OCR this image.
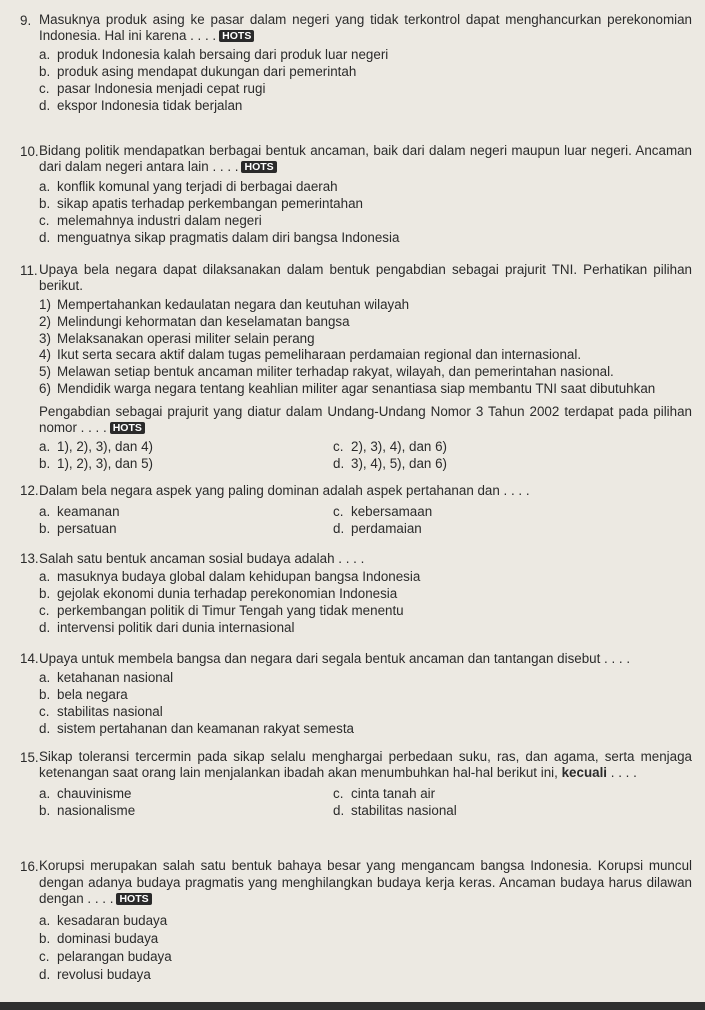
9. Masuknya produk asing ke pasar dalam negeri yang tidak terkontrol dapat menghancurkan perekonomian Indonesia. Hal ini karena . . . . HOTS
a. produk Indonesia kalah bersaing dari produk luar negeri
b. produk asing mendapat dukungan dari pemerintah
c. pasar Indonesia menjadi cepat rugi
d. ekspor Indonesia tidak berjalan
10. Bidang politik mendapatkan berbagai bentuk ancaman, baik dari dalam negeri maupun luar negeri. Ancaman dari dalam negeri antara lain . . . . HOTS
a. konflik komunal yang terjadi di berbagai daerah
b. sikap apatis terhadap perkembangan pemerintahan
c. melemahnya industri dalam negeri
d. menguatnya sikap pragmatis dalam diri bangsa Indonesia
11. Upaya bela negara dapat dilaksanakan dalam bentuk pengabdian sebagai prajurit TNI. Perhatikan pilihan berikut.
1) Mempertahankan kedaulatan negara dan keutuhan wilayah
2) Melindungi kehormatan dan keselamatan bangsa
3) Melaksanakan operasi militer selain perang
4) Ikut serta secara aktif dalam tugas pemeliharaan perdamaian regional dan internasional.
5) Melawan setiap bentuk ancaman militer terhadap rakyat, wilayah, dan pemerintahan nasional.
6) Mendidik warga negara tentang keahlian militer agar senantiasa siap membantu TNI saat dibutuhkan
Pengabdian sebagai prajurit yang diatur dalam Undang-Undang Nomor 3 Tahun 2002 terdapat pada pilihan nomor . . . . HOTS
a. 1), 2), 3), dan 4)	c. 2), 3), 4), dan 6)
b. 1), 2), 3), dan 5)	d. 3), 4), 5), dan 6)
12. Dalam bela negara aspek yang paling dominan adalah aspek pertahanan dan . . . .
a. keamanan	c. kebersamaan
b. persatuan	d. perdamaian
13. Salah satu bentuk ancaman sosial budaya adalah . . . .
a. masuknya budaya global dalam kehidupan bangsa Indonesia
b. gejolak ekonomi dunia terhadap perekonomian Indonesia
c. perkembangan politik di Timur Tengah yang tidak menentu
d. intervensi politik dari dunia internasional
14. Upaya untuk membela bangsa dan negara dari segala bentuk ancaman dan tantangan disebut . . . .
a. ketahanan nasional
b. bela negara
c. stabilitas nasional
d. sistem pertahanan dan keamanan rakyat semesta
15. Sikap toleransi tercermin pada sikap selalu menghargai perbedaan suku, ras, dan agama, serta menjaga ketenangan saat orang lain menjalankan ibadah akan menumbuhkan hal-hal berikut ini, kecuali . . . .
a. chauvinisme	c. cinta tanah air
b. nasionalisme	d. stabilitas nasional
16. Korupsi merupakan salah satu bentuk bahaya besar yang mengancam bangsa Indonesia. Korupsi muncul dengan adanya budaya pragmatis yang menghilangkan budaya kerja keras. Ancaman budaya harus dilawan dengan . . . . HOTS
a. kesadaran budaya
b. dominasi budaya
c. pelarangan budaya
d. revolusi budaya
